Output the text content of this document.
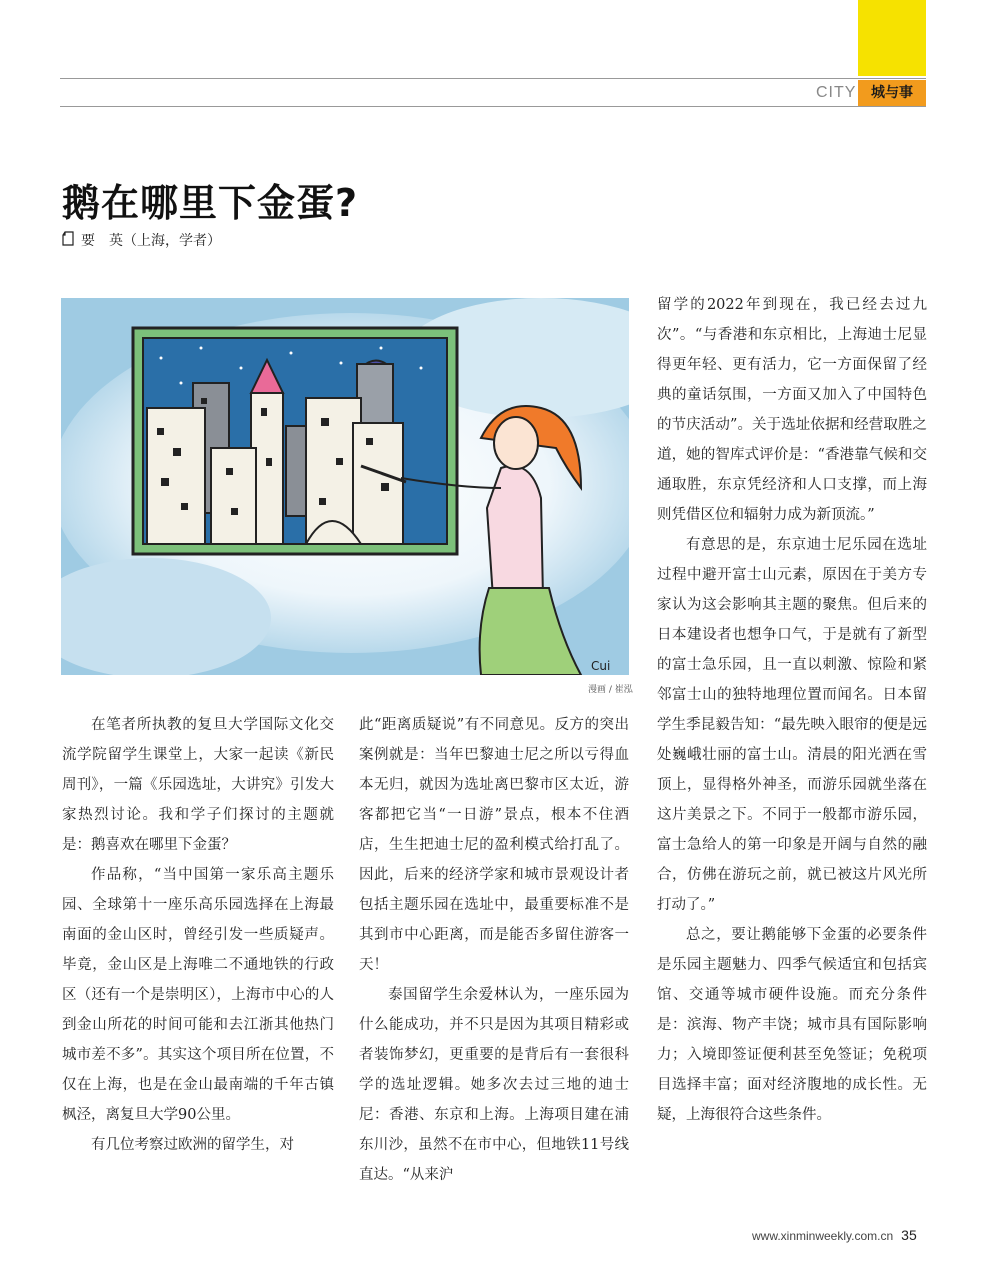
CITY	城与事
鹅在哪里下金蛋?
要　英（上海，学者）
Cui
漫画 / 崔泓

在笔者所执教的复旦大学国际文化交流学院留学生课堂上，大家一起读《新民周刊》，一篇《乐园选址，大讲究》引发大家热烈讨论。我和学子们探讨的主题就是：鹅喜欢在哪里下金蛋？

作品称，“当中国第一家乐高主题乐园、全球第十一座乐高乐园选择在上海最南面的金山区时，曾经引发一些质疑声。毕竟，金山区是上海唯二不通地铁的行政区（还有一个是崇明区），上海市中心的人到金山所花的时间可能和去江浙其他热门城市差不多”。其实这个项目所在位置，不仅在上海，也是在金山最南端的千年古镇枫泾，离复旦大学90公里。

有几位考察过欧洲的留学生，对

此“距离质疑说”有不同意见。反方的突出案例就是：当年巴黎迪士尼之所以亏得血本无归，就因为选址离巴黎市区太近，游客都把它当“一日游”景点，根本不住酒店，生生把迪士尼的盈利模式给打乱了。因此，后来的经济学家和城市景观设计者包括主题乐园在选址中，最重要标准不是其到市中心距离，而是能否多留住游客一天！

泰国留学生余爱林认为，一座乐园为什么能成功，并不只是因为其项目精彩或者装饰梦幻，更重要的是背后有一套很科学的选址逻辑。她多次去过三地的迪士尼：香港、东京和上海。上海项目建在浦东川沙，虽然不在市中心，但地铁11号线直达。“从来沪

留学的2022年到现在，我已经去过九次”。“与香港和东京相比，上海迪士尼显得更年轻、更有活力，它一方面保留了经典的童话氛围，一方面又加入了中国特色的节庆活动”。关于选址依据和经营取胜之道，她的智库式评价是：“香港靠气候和交通取胜，东京凭经济和人口支撑，而上海则凭借区位和辐射力成为新顶流。”

有意思的是，东京迪士尼乐园在选址过程中避开富士山元素，原因在于美方专家认为这会影响其主题的聚焦。但后来的日本建设者也想争口气，于是就有了新型的富士急乐园，且一直以刺激、惊险和紧邻富士山的独特地理位置而闻名。日本留学生季昆毅告知：“最先映入眼帘的便是远处巍峨壮丽的富士山。清晨的阳光洒在雪顶上，显得格外神圣，而游乐园就坐落在这片美景之下。不同于一般都市游乐园，富士急给人的第一印象是开阔与自然的融合，仿佛在游玩之前，就已被这片风光所打动了。”

总之，要让鹅能够下金蛋的必要条件是乐园主题魅力、四季气候适宜和包括宾馆、交通等城市硬件设施。而充分条件是：滨海、物产丰饶；城市具有国际影响力；入境即签证便利甚至免签证；免税项目选择丰富；面对经济腹地的成长性。无疑，上海很符合这些条件。

www.xinminweekly.com.cn 35
